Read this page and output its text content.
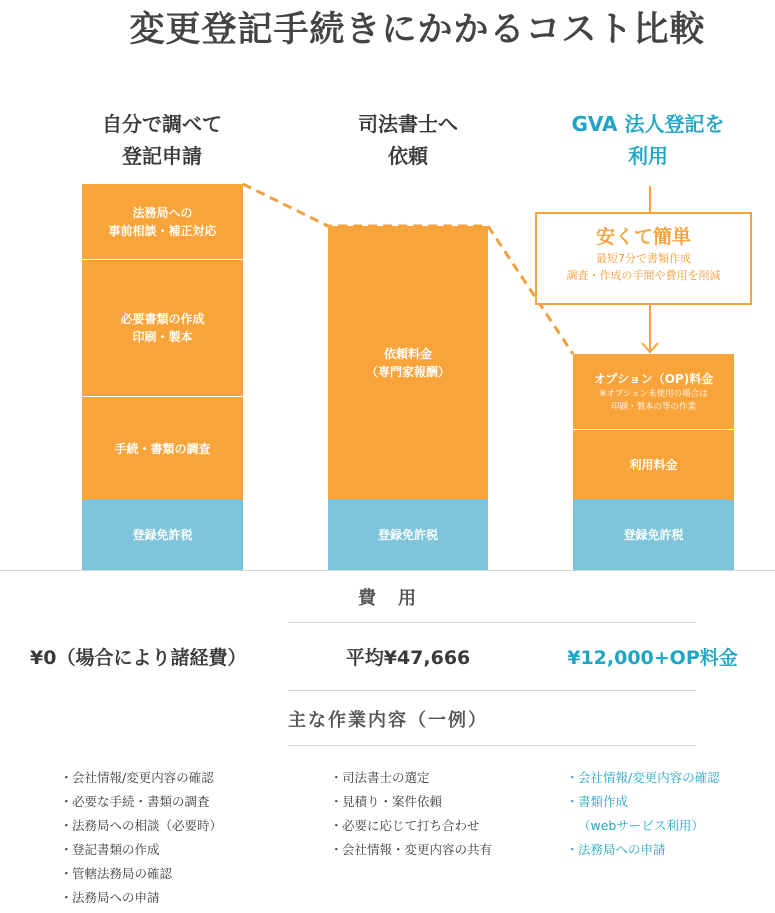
変更登記手続きにかかるコスト比較
自分で調べて
登記申請
司法書士へ
依頼
GVA 法人登記を
利用
法務局への
事前相談・補正対応
必要書類の作成
印刷・製本
手続・書類の調査
登録免許税
依頼料金
（専門家報酬）
登録免許税
オプション（OP)料金
※オプション未使用の場合は
印刷・製本の等の作業
利用料金
登録免許税
安くて簡単
最短7分で書類作成
調査・作成の手間や費用を削減
費　用
¥0（場合により諸経費）	平均¥47,666	¥12,000+OP料金
主な作業内容（一例）
・会社情報/変更内容の確認
・必要な手続・書類の調査
・法務局への相談（必要時）
・登記書類の作成
・管轄法務局の確認
・法務局への申請
・司法書士の選定
・見積り・案件依頼
・必要に応じて打ち合わせ
・会社情報・変更内容の共有
・会社情報/変更内容の確認
・書類作成
（webサービス利用）
・法務局への申請
